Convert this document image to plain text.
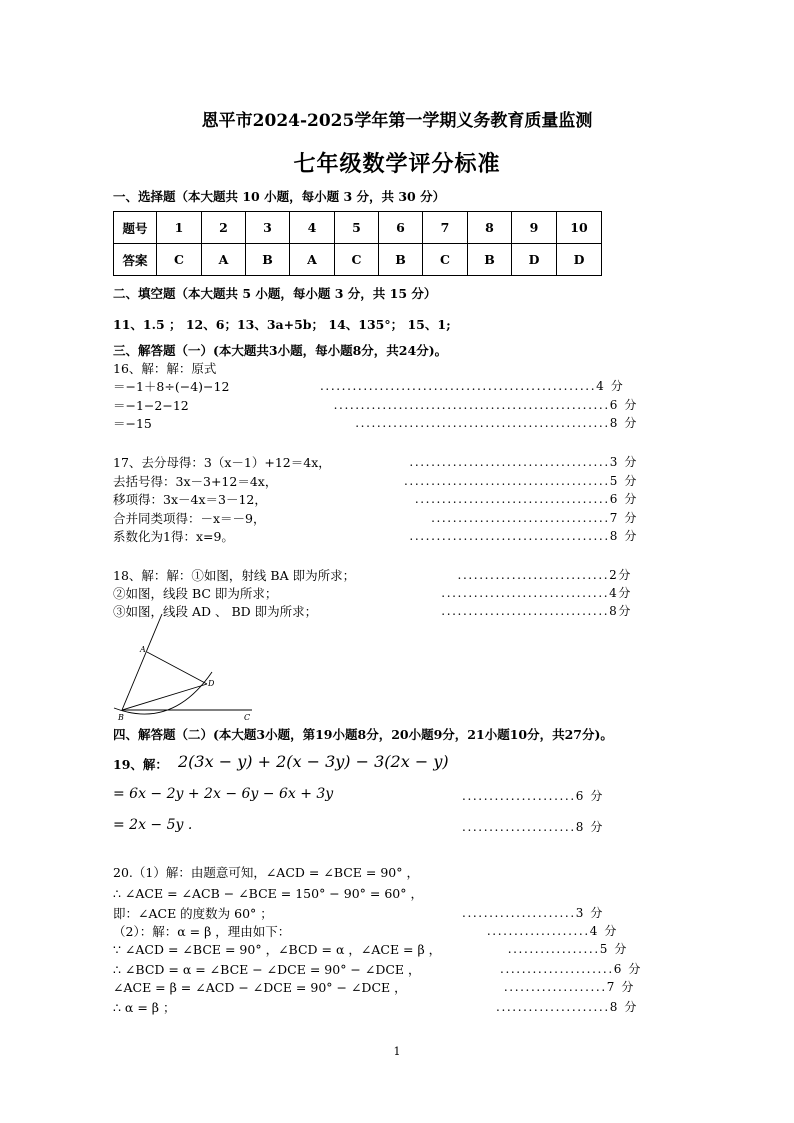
恩平市2024-2025学年第一学期义务教育质量监测
七年级数学评分标准
一、选择题（本大题共 10 小题，每小题 3 分，共 30 分）
题号	1	2	3	4	5	6	7	8	9	10
答案	C	A	B	A	C	B	C	B	D	D
二、填空题（本大题共 5 小题，每小题 3 分，共 15 分）
11、1.5 ； 12、6；13、3a+5b； 14、135°； 15、1;
三、解答题（一）(本大题共3小题，每小题8分，共24分)。
16、解：解：原式
＝−1＋8÷(−4)−12
＝−1−2−12
＝−15
...................................................4 分
...................................................6 分
...............................................8 分
17、去分母得：3（x－1）+12＝4x，
去括号得：3x－3+12＝4x，
移项得：3x－4x＝3－12，
合并同类项得：－x＝－9，
系数化为1得：x=9。
.....................................3 分
......................................5 分
....................................6 分
.................................7 分
.....................................8 分
18、解：解：①如图，射线 BA 即为所求；
②如图，线段 BC 即为所求；
③如图，线段 AD 、 BD 即为所求；
............................2分
...............................4分
...............................8分
A
D
B	C
四、解答题（二）(本大题3小题，第19小题8分，20小题9分，21小题10分，共27分)。
19、解： 2(3x − y) + 2(x − 3y) − 3(2x − y)
= 6x − 2y + 2x − 6y − 6x + 3y
= 2x − 5y .
.....................6 分
.....................8 分
20.（1）解：由题意可知，∠ACD = ∠BCE = 90° ，
∴ ∠ACE = ∠ACB − ∠BCE = 150° − 90° = 60° ，
即：∠ACE 的度数为 60° ；
（2）：解：α = β ，理由如下：
∵ ∠ACD = ∠BCE = 90° ，∠BCD = α ，∠ACE = β ，
∴ ∠BCD = α = ∠BCE − ∠DCE = 90° − ∠DCE ，
∠ACE = β = ∠ACD − ∠DCE = 90° − ∠DCE ，
∴ α = β ；
.....................3 分
...................4 分
.................5 分
.....................6 分
...................7 分
.....................8 分
1
